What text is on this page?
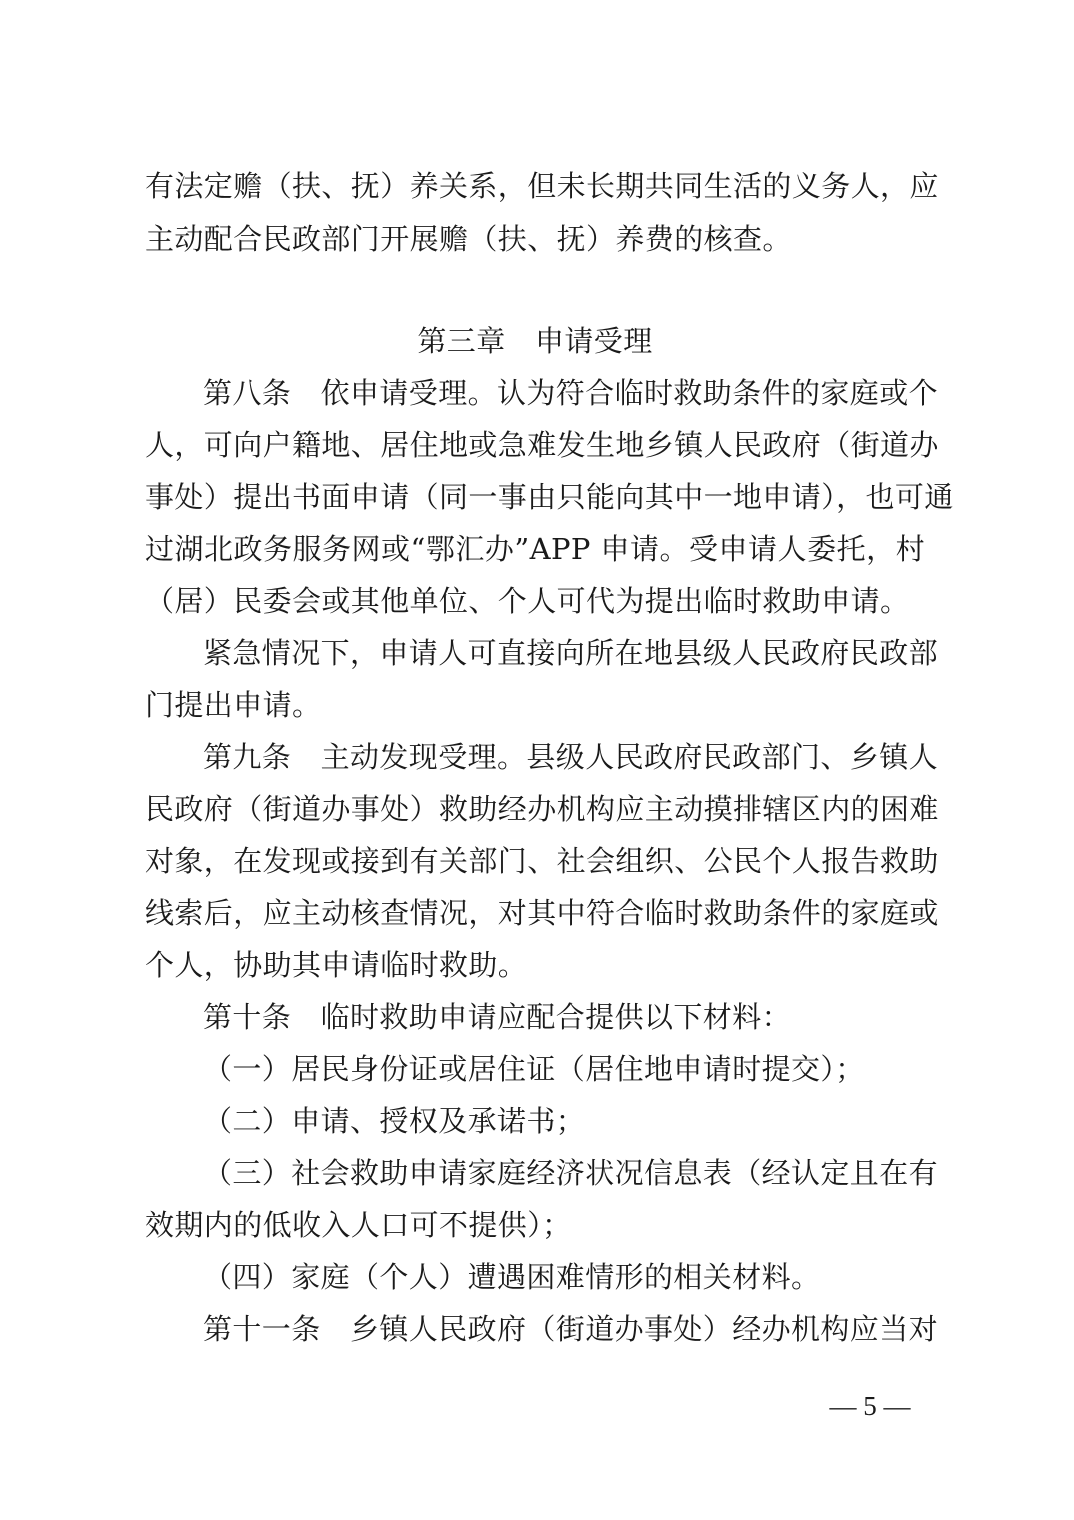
有法定赡（扶、抚）养关系，但未长期共同生活的义务人，应
主动配合民政部门开展赡（扶、抚）养费的核查。
第三章　申请受理
第八条　依申请受理。认为符合临时救助条件的家庭或个
人，可向户籍地、居住地或急难发生地乡镇人民政府（街道办
事处）提出书面申请（同一事由只能向其中一地申请），也可通
过湖北政务服务网或“鄂汇办”APP 申请。受申请人委托，村
（居）民委会或其他单位、个人可代为提出临时救助申请。
紧急情况下，申请人可直接向所在地县级人民政府民政部
门提出申请。
第九条　主动发现受理。县级人民政府民政部门、乡镇人
民政府（街道办事处）救助经办机构应主动摸排辖区内的困难
对象，在发现或接到有关部门、社会组织、公民个人报告救助
线索后，应主动核查情况，对其中符合临时救助条件的家庭或
个人，协助其申请临时救助。
第十条　临时救助申请应配合提供以下材料：
（一）居民身份证或居住证（居住地申请时提交）；
（二）申请、授权及承诺书；
（三）社会救助申请家庭经济状况信息表（经认定且在有
效期内的低收入人口可不提供）；
（四）家庭（个人）遭遇困难情形的相关材料。
第十一条　乡镇人民政府（街道办事处）经办机构应当对
— 5 —
